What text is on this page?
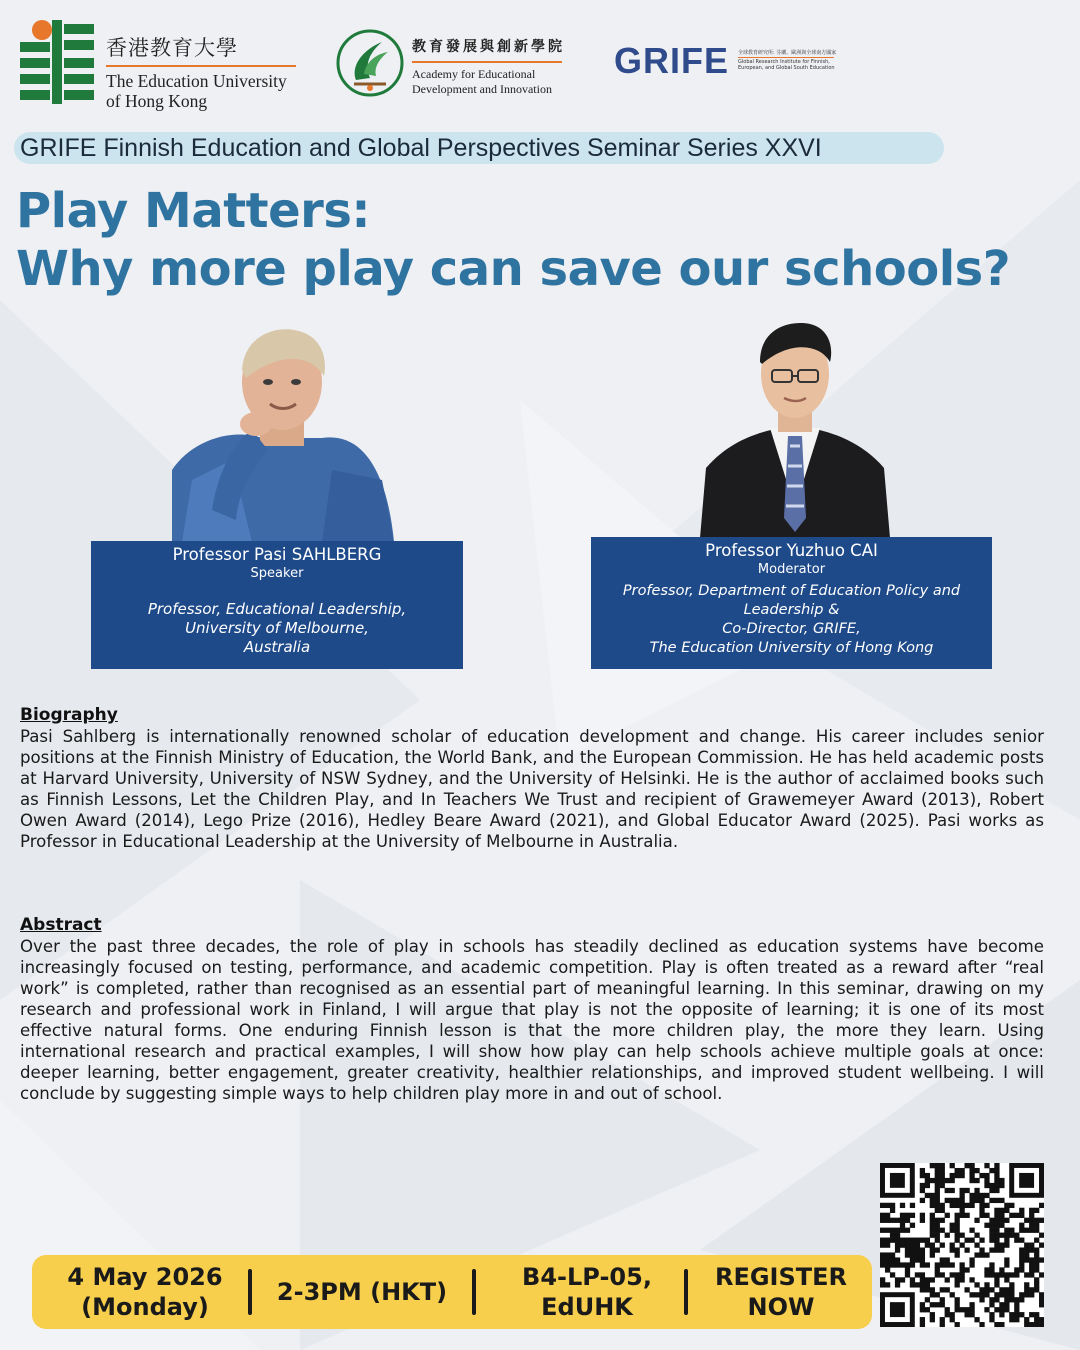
香港教育大學
The Education University
of Hong Kong
教育發展與創新學院
Academy for Educational
Development and Innovation
GRIFE 全球教育研究所: 芬蘭、歐洲與全球南方國家
Global Research Institute for Finnish, European, and Global South Education
GRIFE Finnish Education and Global Perspectives Seminar Series XXVI
Play Matters:
Why more play can save our schools?
Professor Pasi SAHLBERG
Speaker
Professor, Educational Leadership,
University of Melbourne,
Australia
Professor Yuzhuo CAI
Moderator
Professor, Department of Education Policy and
Leadership &
Co-Director, GRIFE,
The Education University of Hong Kong
Biography
Pasi Sahlberg is internationally renowned scholar of education development and change. His career includes senior positions at the Finnish Ministry of Education, the World Bank, and the European Commission. He has held academic posts at Harvard University, University of NSW Sydney, and the University of Helsinki. He is the author of acclaimed books such as Finnish Lessons, Let the Children Play, and In Teachers We Trust and recipient of Grawemeyer Award (2013), Robert Owen Award (2014), Lego Prize (2016), Hedley Beare Award (2021), and Global Educator Award (2025). Pasi works as Professor in Educational Leadership at the University of Melbourne in Australia.
Abstract
Over the past three decades, the role of play in schools has steadily declined as education systems have become increasingly focused on testing, performance, and academic competition. Play is often treated as a reward after “real work” is completed, rather than recognised as an essential part of meaningful learning. In this seminar, drawing on my research and professional work in Finland, I will argue that play is not the opposite of learning; it is one of its most effective natural forms. One enduring Finnish lesson is that the more children play, the more they learn. Using international research and practical examples, I will show how play can help schools achieve multiple goals at once: deeper learning, better engagement, greater creativity, healthier relationships, and improved student wellbeing. I will conclude by suggesting simple ways to help children play more in and out of school.
4 May 2026
(Monday)
2-3PM (HKT)
B4-LP-05,
EdUHK
REGISTER
NOW
